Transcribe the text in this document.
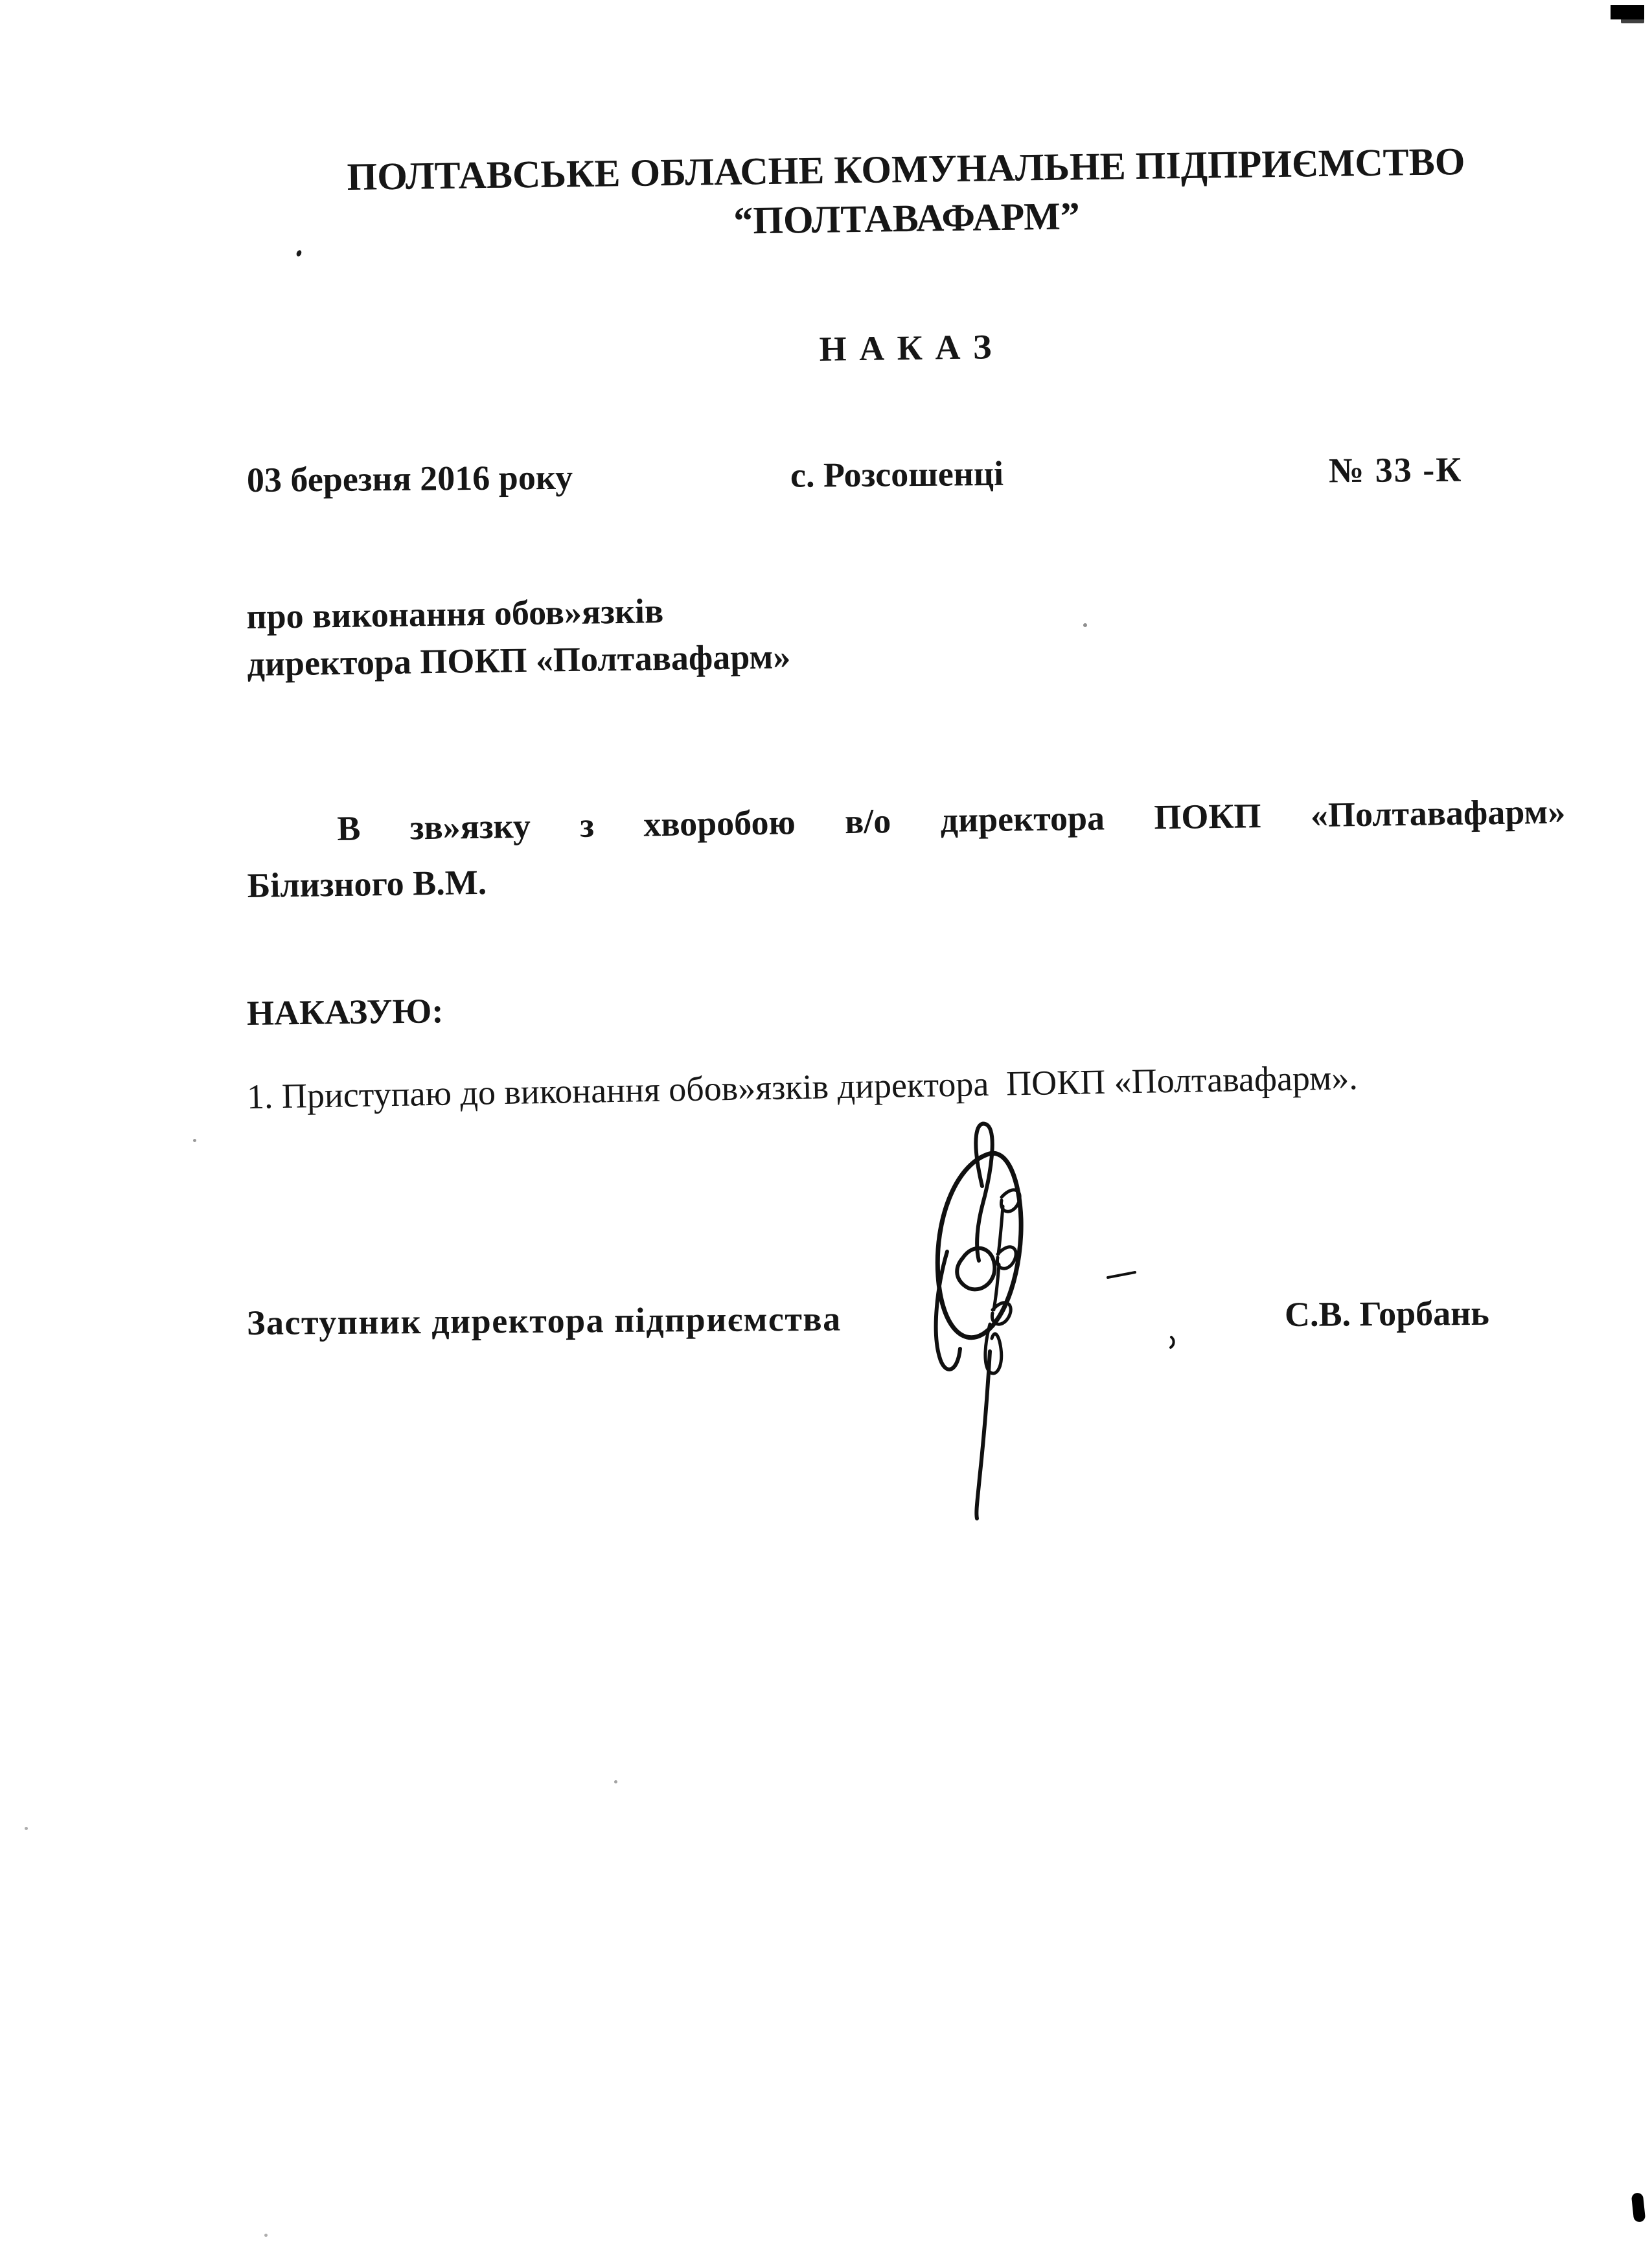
ПОЛТАВСЬКЕ ОБЛАСНЕ КОМУНАЛЬНЕ ПІДПРИЄМСТВО
“ПОЛТАВАФАРМ”
Н А К А З
03 березня 2016 року	с. Розсошенці	№ 33 -К
про виконання обов»язків
директора ПОКП «Полтавафарм»
В зв»язку з хворобою в/о директора ПОКП «Полтавафарм»
Білизного В.М.
НАКАЗУЮ:
1. Приступаю до виконання обов»язків директора  ПОКП «Полтавафарм».
Заступник директора підприємства	С.В. Горбань
